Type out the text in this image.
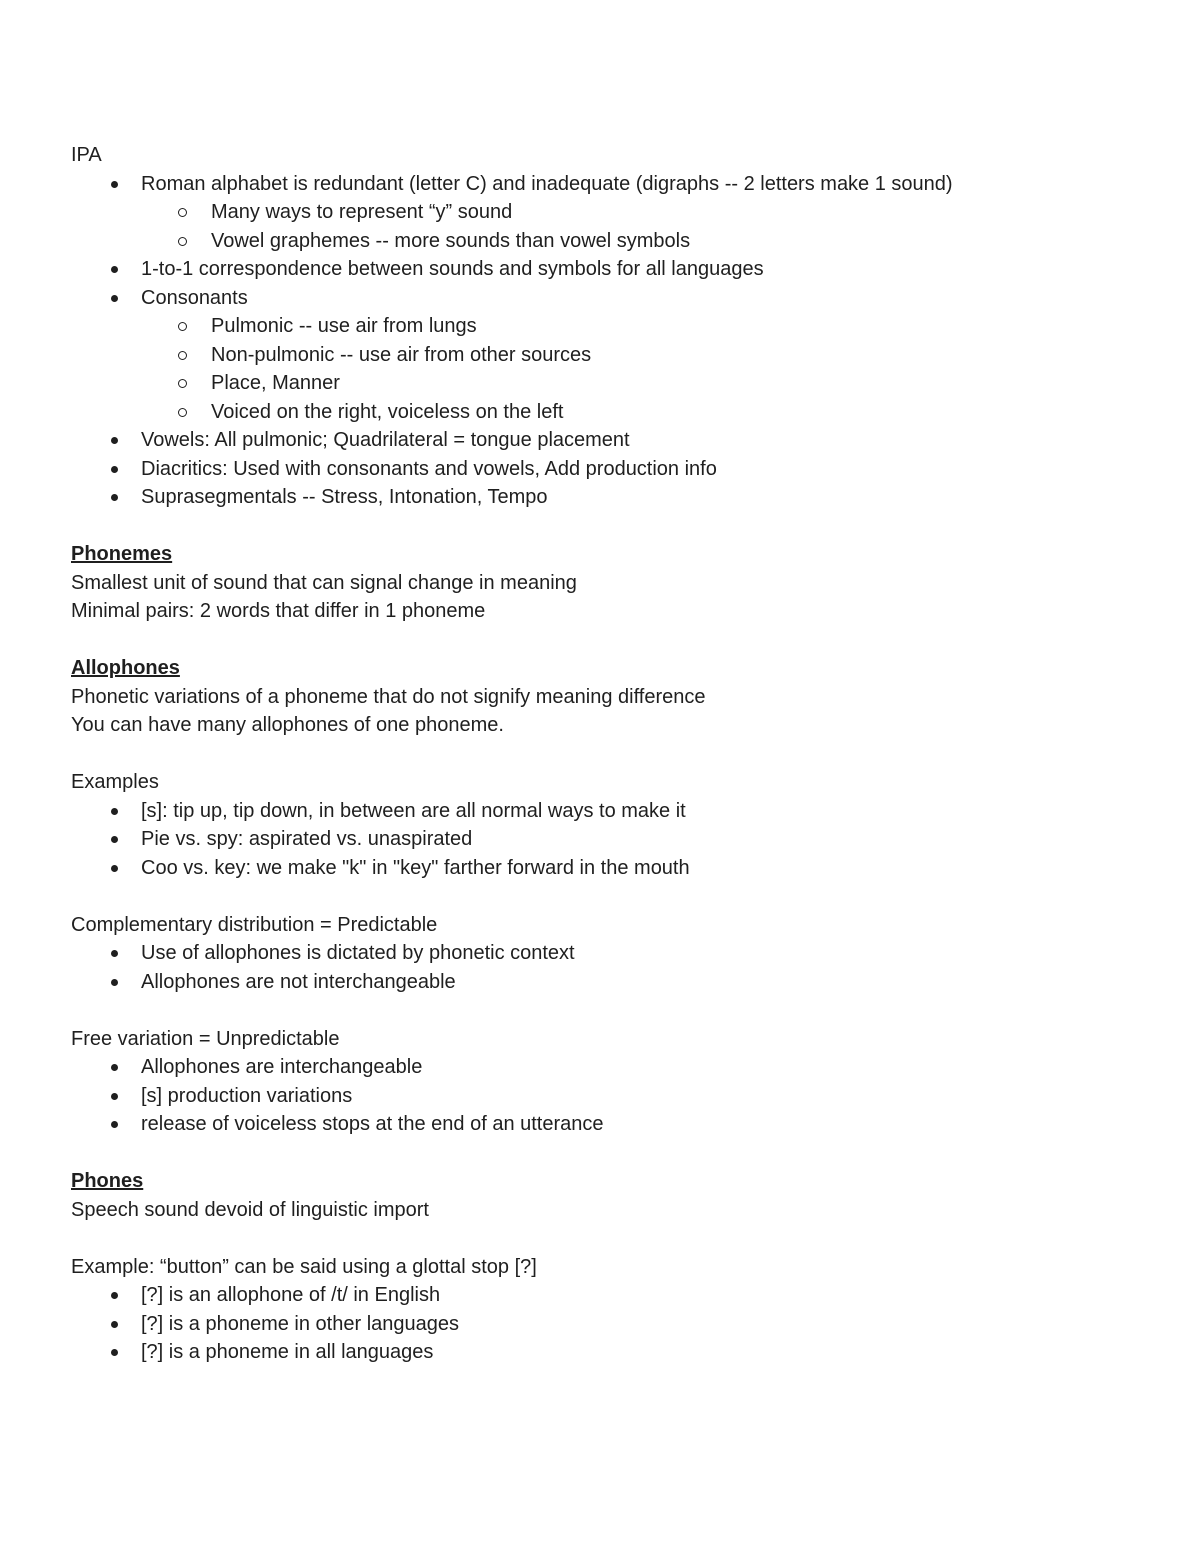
IPA
Roman alphabet is redundant (letter C) and inadequate (digraphs -- 2 letters make 1 sound)
Many ways to represent “y” sound
Vowel graphemes -- more sounds than vowel symbols
1-to-1 correspondence between sounds and symbols for all languages
Consonants
Pulmonic -- use air from lungs
Non-pulmonic -- use air from other sources
Place, Manner
Voiced on the right, voiceless on the left
Vowels: All pulmonic; Quadrilateral = tongue placement
Diacritics: Used with consonants and vowels, Add production info
Suprasegmentals -- Stress, Intonation, Tempo
Phonemes
Smallest unit of sound that can signal change in meaning
Minimal pairs: 2 words that differ in 1 phoneme
Allophones
Phonetic variations of a phoneme that do not signify meaning difference
You can have many allophones of one phoneme.
Examples
[s]: tip up, tip down, in between are all normal ways to make it
Pie vs. spy: aspirated vs. unaspirated
Coo vs. key: we make "k" in "key" farther forward in the mouth
Complementary distribution = Predictable
Use of allophones is dictated by phonetic context
Allophones are not interchangeable
Free variation = Unpredictable
Allophones are interchangeable
[s] production variations
release of voiceless stops at the end of an utterance
Phones
Speech sound devoid of linguistic import
Example: “button” can be said using a glottal stop [?]
[?] is an allophone of /t/ in English
[?] is a phoneme in other languages
[?] is a phoneme in all languages
